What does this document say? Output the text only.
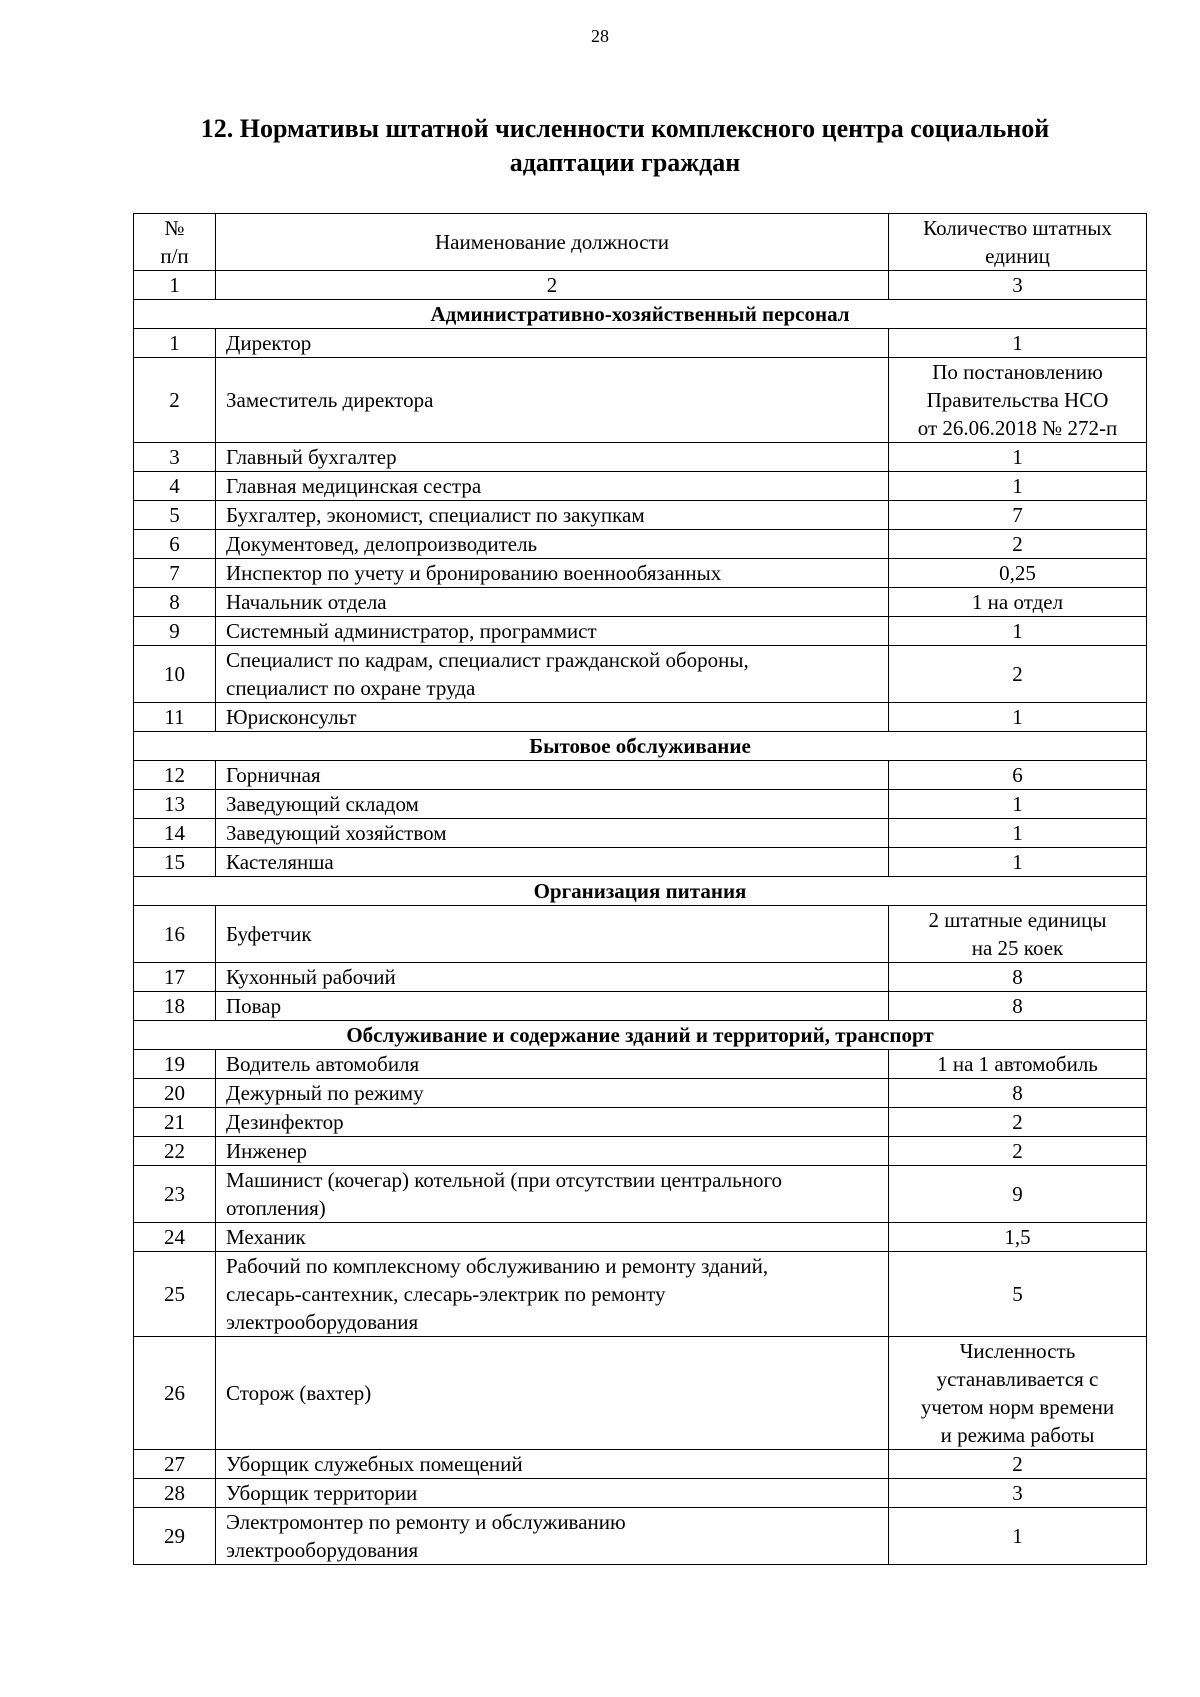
28
12. Нормативы штатной численности комплексного центра социальной
адаптации граждан
№
п/п	Наименование должности	Количество штатных
единиц
1	2	3
Административно-хозяйственный персонал		
1	Директор	1
2	Заместитель директора	По постановлению
Правительства НСО
от 26.06.2018 № 272-п
3	Главный бухгалтер	1
4	Главная медицинская сестра	1
5	Бухгалтер, экономист, специалист по закупкам	7
6	Документовед, делопроизводитель	2
7	Инспектор по учету и бронированию военнообязанных	0,25
8	Начальник отдела	1 на отдел
9	Системный администратор, программист	1
10	Специалист по кадрам, специалист гражданской обороны,
специалист по охране труда	2
11	Юрисконсульт	1
Бытовое обслуживание		
12	Горничная	6
13	Заведующий складом	1
14	Заведующий хозяйством	1
15	Кастелянша	1
Организация питания		
16	Буфетчик	2 штатные единицы
на 25 коек
17	Кухонный рабочий	8
18	Повар	8
Обслуживание и содержание зданий и территорий, транспорт		
19	Водитель автомобиля	1 на 1 автомобиль
20	Дежурный по режиму	8
21	Дезинфектор	2
22	Инженер	2
23	Машинист (кочегар) котельной (при отсутствии центрального
отопления)	9
24	Механик	1,5
25	Рабочий по комплексному обслуживанию и ремонту зданий,
слесарь-сантехник, слесарь-электрик по ремонту
электрооборудования	5
26	Сторож (вахтер)	Численность
устанавливается с
учетом норм времени
и режима работы
27	Уборщик служебных помещений	2
28	Уборщик территории	3
29	Электромонтер по ремонту и обслуживанию
электрооборудования	1
